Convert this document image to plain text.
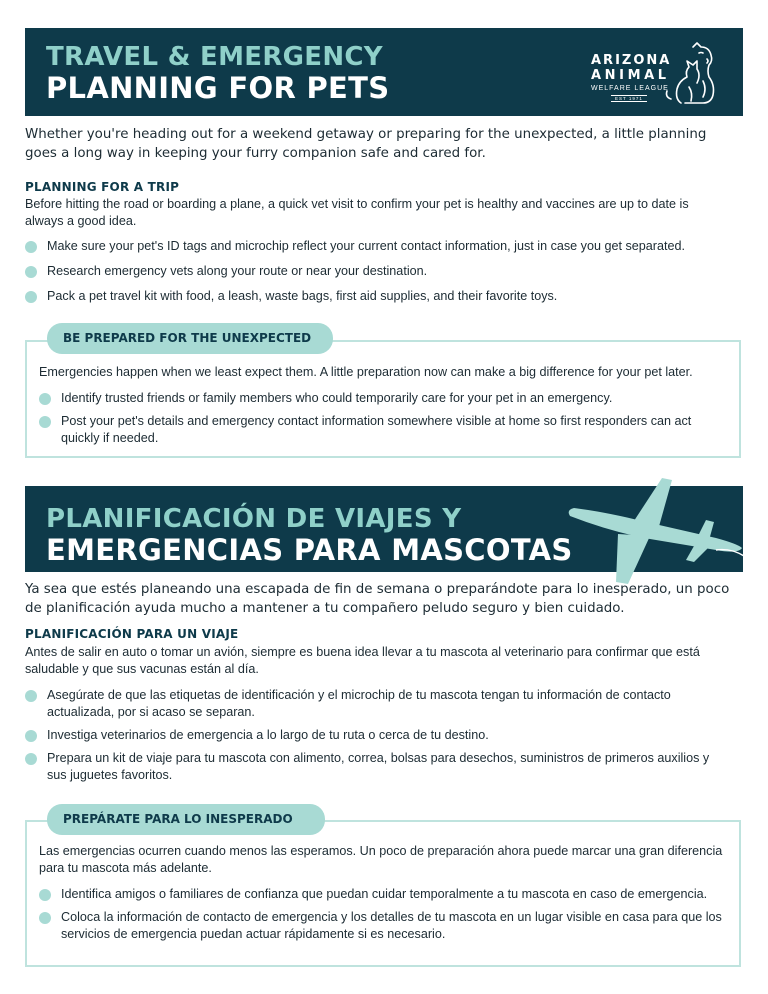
TRAVEL & EMERGENCY
PLANNING FOR PETS
ARIZONA
ANIMAL
WELFARE LEAGUE
EST 1971

Whether you're heading out for a weekend getaway or preparing for the unexpected, a little planning goes a long way in keeping your furry companion safe and cared for.

PLANNING FOR A TRIP

Before hitting the road or boarding a plane, a quick vet visit to confirm your pet is healthy and vaccines are up to date is always a good idea.

Make sure your pet's ID tags and microchip reflect your current contact information, just in case you get separated.
Research emergency vets along your route or near your destination.
Pack a pet travel kit with food, a leash, waste bags, first aid supplies, and their favorite toys.
BE PREPARED FOR THE UNEXPECTED

Emergencies happen when we least expect them. A little preparation now can make a big difference for your pet later.

Identify trusted friends or family members who could temporarily care for your pet in an emergency.
Post your pet's details and emergency contact information somewhere visible at home so first responders can act quickly if needed.
PLANIFICACIÓN DE VIAJES Y
EMERGENCIAS PARA MASCOTAS

Ya sea que estés planeando una escapada de fin de semana o preparándote para lo inesperado, un poco de planificación ayuda mucho a mantener a tu compañero peludo seguro y bien cuidado.

PLANIFICACIÓN PARA UN VIAJE

Antes de salir en auto o tomar un avión, siempre es buena idea llevar a tu mascota al veterinario para confirmar que está saludable y que sus vacunas están al día.

Asegúrate de que las etiquetas de identificación y el microchip de tu mascota tengan tu información de contacto actualizada, por si acaso se separan.
Investiga veterinarios de emergencia a lo largo de tu ruta o cerca de tu destino.
Prepara un kit de viaje para tu mascota con alimento, correa, bolsas para desechos, suministros de primeros auxilios y sus juguetes favoritos.
PREPÁRATE PARA LO INESPERADO

Las emergencias ocurren cuando menos las esperamos. Un poco de preparación ahora puede marcar una gran diferencia para tu mascota más adelante.

Identifica amigos o familiares de confianza que puedan cuidar temporalmente a tu mascota en caso de emergencia.
Coloca la información de contacto de emergencia y los detalles de tu mascota en un lugar visible en casa para que los servicios de emergencia puedan actuar rápidamente si es necesario.
